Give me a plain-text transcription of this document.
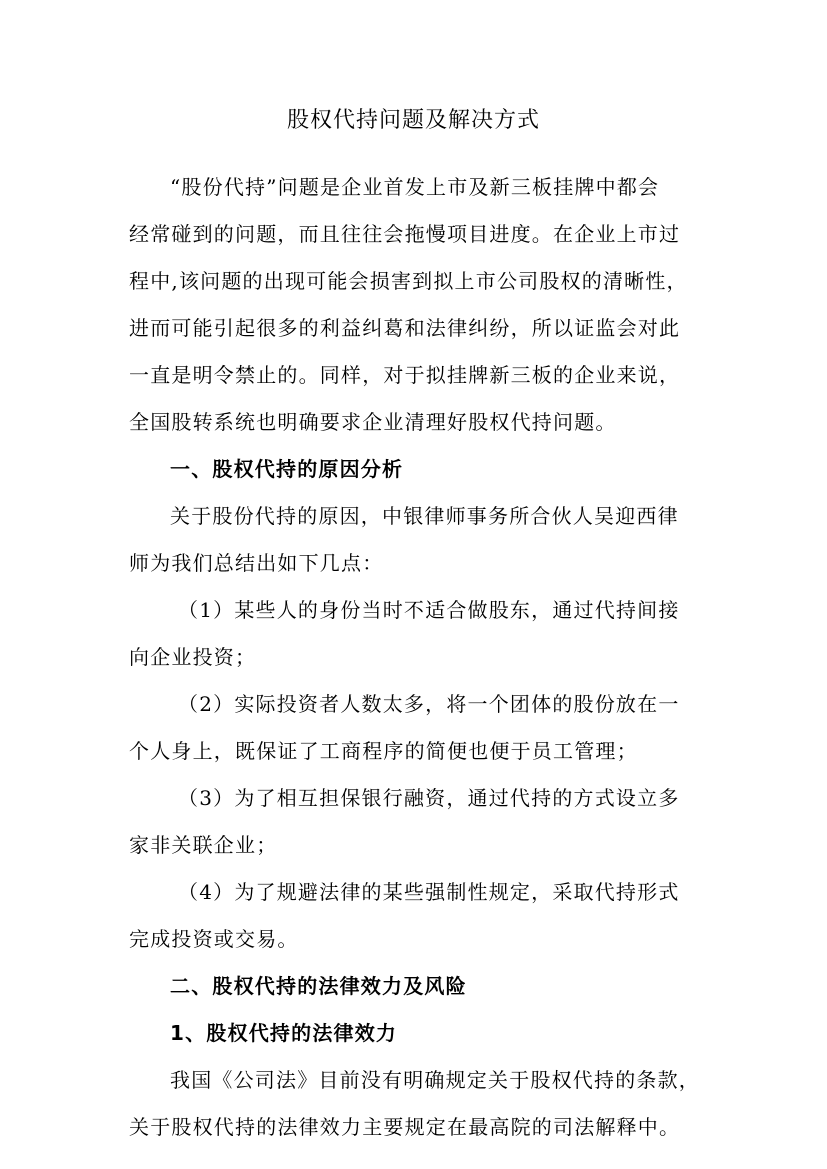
股权代持问题及解决方式
“股份代持”问题是企业首发上市及新三板挂牌中都会
经常碰到的问题，而且往往会拖慢项目进度。在企业上市过
程中,该问题的出现可能会损害到拟上市公司股权的清晰性，
进而可能引起很多的利益纠葛和法律纠纷，所以证监会对此
一直是明令禁止的。同样，对于拟挂牌新三板的企业来说，
全国股转系统也明确要求企业清理好股权代持问题。
一、股权代持的原因分析
关于股份代持的原因，中银律师事务所合伙人吴迎西律
师为我们总结出如下几点：
（1）某些人的身份当时不适合做股东，通过代持间接
向企业投资；
（2）实际投资者人数太多，将一个团体的股份放在一
个人身上，既保证了工商程序的简便也便于员工管理；
（3）为了相互担保银行融资，通过代持的方式设立多
家非关联企业；
（4）为了规避法律的某些强制性规定，采取代持形式
完成投资或交易。
二、股权代持的法律效力及风险
1、股权代持的法律效力
我国《公司法》目前没有明确规定关于股权代持的条款，
关于股权代持的法律效力主要规定在最高院的司法解释中。
